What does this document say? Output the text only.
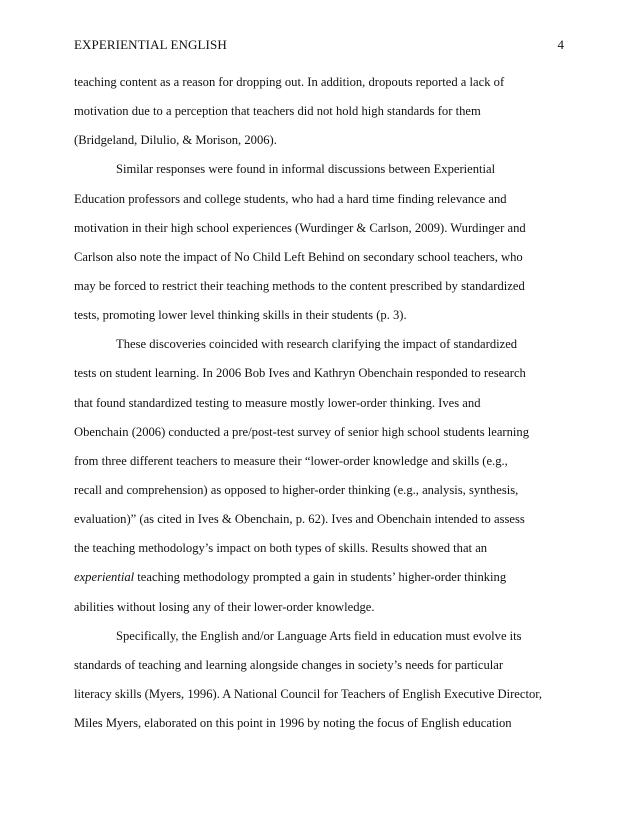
EXPERIENTIAL ENGLISH	4
teaching content as a reason for dropping out. In addition, dropouts reported a lack of
motivation due to a perception that teachers did not hold high standards for them
(Bridgeland, Dilulio, & Morison, 2006).
Similar responses were found in informal discussions between Experiential
Education professors and college students, who had a hard time finding relevance and
motivation in their high school experiences (Wurdinger & Carlson, 2009). Wurdinger and
Carlson also note the impact of No Child Left Behind on secondary school teachers, who
may be forced to restrict their teaching methods to the content prescribed by standardized
tests, promoting lower level thinking skills in their students (p. 3).
These discoveries coincided with research clarifying the impact of standardized
tests on student learning. In 2006 Bob Ives and Kathryn Obenchain responded to research
that found standardized testing to measure mostly lower-order thinking. Ives and
Obenchain (2006) conducted a pre/post-test survey of senior high school students learning
from three different teachers to measure their “lower-order knowledge and skills (e.g.,
recall and comprehension) as opposed to higher-order thinking (e.g., analysis, synthesis,
evaluation)” (as cited in Ives & Obenchain, p. 62). Ives and Obenchain intended to assess
the teaching methodology’s impact on both types of skills. Results showed that an
experiential teaching methodology prompted a gain in students’ higher-order thinking
abilities without losing any of their lower-order knowledge.
Specifically, the English and/or Language Arts field in education must evolve its
standards of teaching and learning alongside changes in society’s needs for particular
literacy skills (Myers, 1996). A National Council for Teachers of English Executive Director,
Miles Myers, elaborated on this point in 1996 by noting the focus of English education
